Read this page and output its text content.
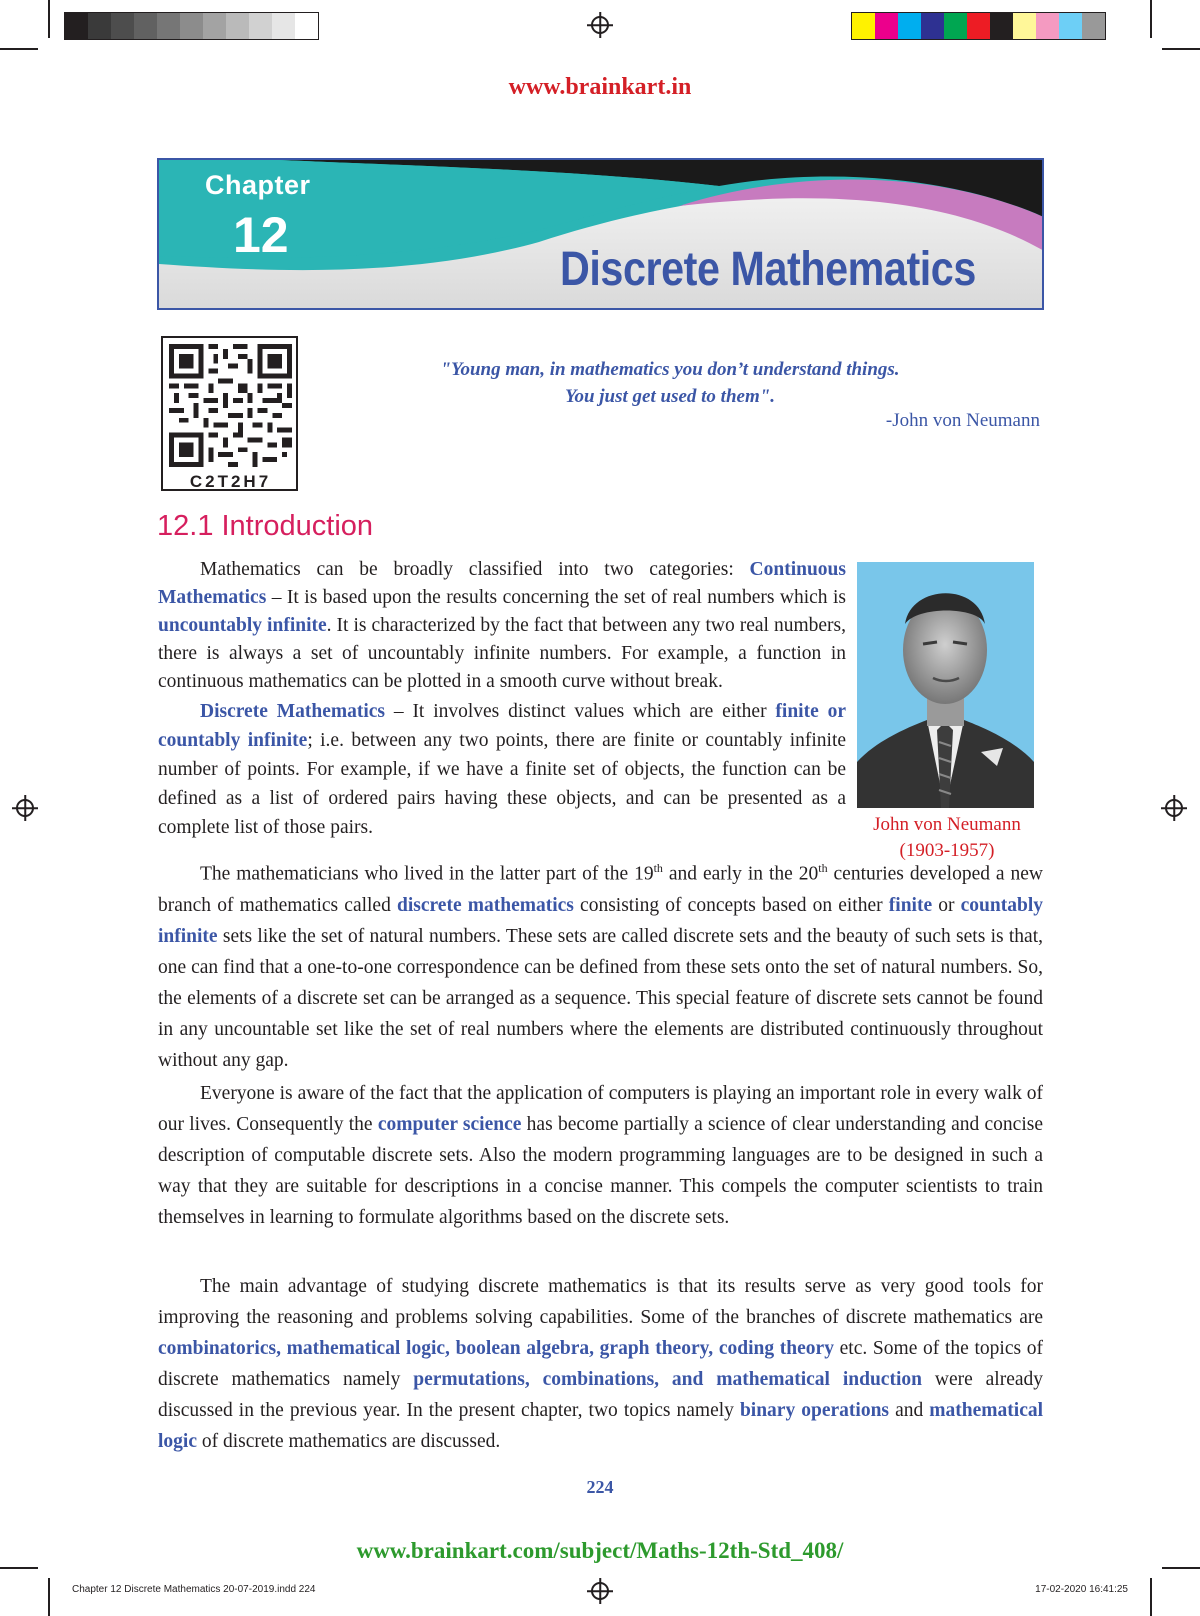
www.brainkart.in
Chapter
12
Discrete Mathematics
C2T2H7
"Young man, in mathematics you don’t understand things.
You just get used to them".
-John von Neumann
12.1 Introduction
John von Neumann
(1903-1957)

Mathematics can be broadly classified into two categories: Continuous Mathematics – It is based upon the results concerning the set of real numbers which is uncountably infinite. It is characterized by the fact that between any two real numbers, there is always a set of uncountably infinite numbers. For example, a function in continuous mathematics can be plotted in a smooth curve without break.

Discrete Mathematics – It involves distinct values which are either finite or countably infinite; i.e. between any two points, there are finite or countably infinite number of points. For example, if we have a finite set of objects, the function can be defined as a list of ordered pairs having these objects, and can be presented as a complete list of those pairs.

The mathematicians who lived in the latter part of the 19th and early in the 20th centuries developed a new branch of mathematics called discrete mathematics consisting of concepts based on either finite or countably infinite sets like the set of natural numbers. These sets are called discrete sets and the beauty of such sets is that, one can find that a one-to-one correspondence can be defined from these sets onto the set of natural numbers. So, the elements of a discrete set can be arranged as a sequence. This special feature of discrete sets cannot be found in any uncountable set like the set of real numbers where the elements are distributed continuously throughout without any gap.

Everyone is aware of the fact that the application of computers is playing an important role in every walk of our lives. Consequently the computer science has become partially a science of clear understanding and concise description of computable discrete sets. Also the modern programming languages are to be designed in such a way that they are suitable for descriptions in a concise manner. This compels the computer scientists to train themselves in learning to formulate algorithms based on the discrete sets.

The main advantage of studying discrete mathematics is that its results serve as very good tools for improving the reasoning and problems solving capabilities. Some of the branches of discrete mathematics are combinatorics, mathematical logic, boolean algebra, graph theory, coding theory etc. Some of the topics of discrete mathematics namely permutations, combinations, and mathematical induction were already discussed in the previous year. In the present chapter, two topics namely binary operations and mathematical logic of discrete mathematics are discussed.

224
www.brainkart.com/subject/Maths-12th-Std_408/
Chapter 12 Discrete Mathematics 20-07-2019.indd 224	17-02-2020 16:41:25
